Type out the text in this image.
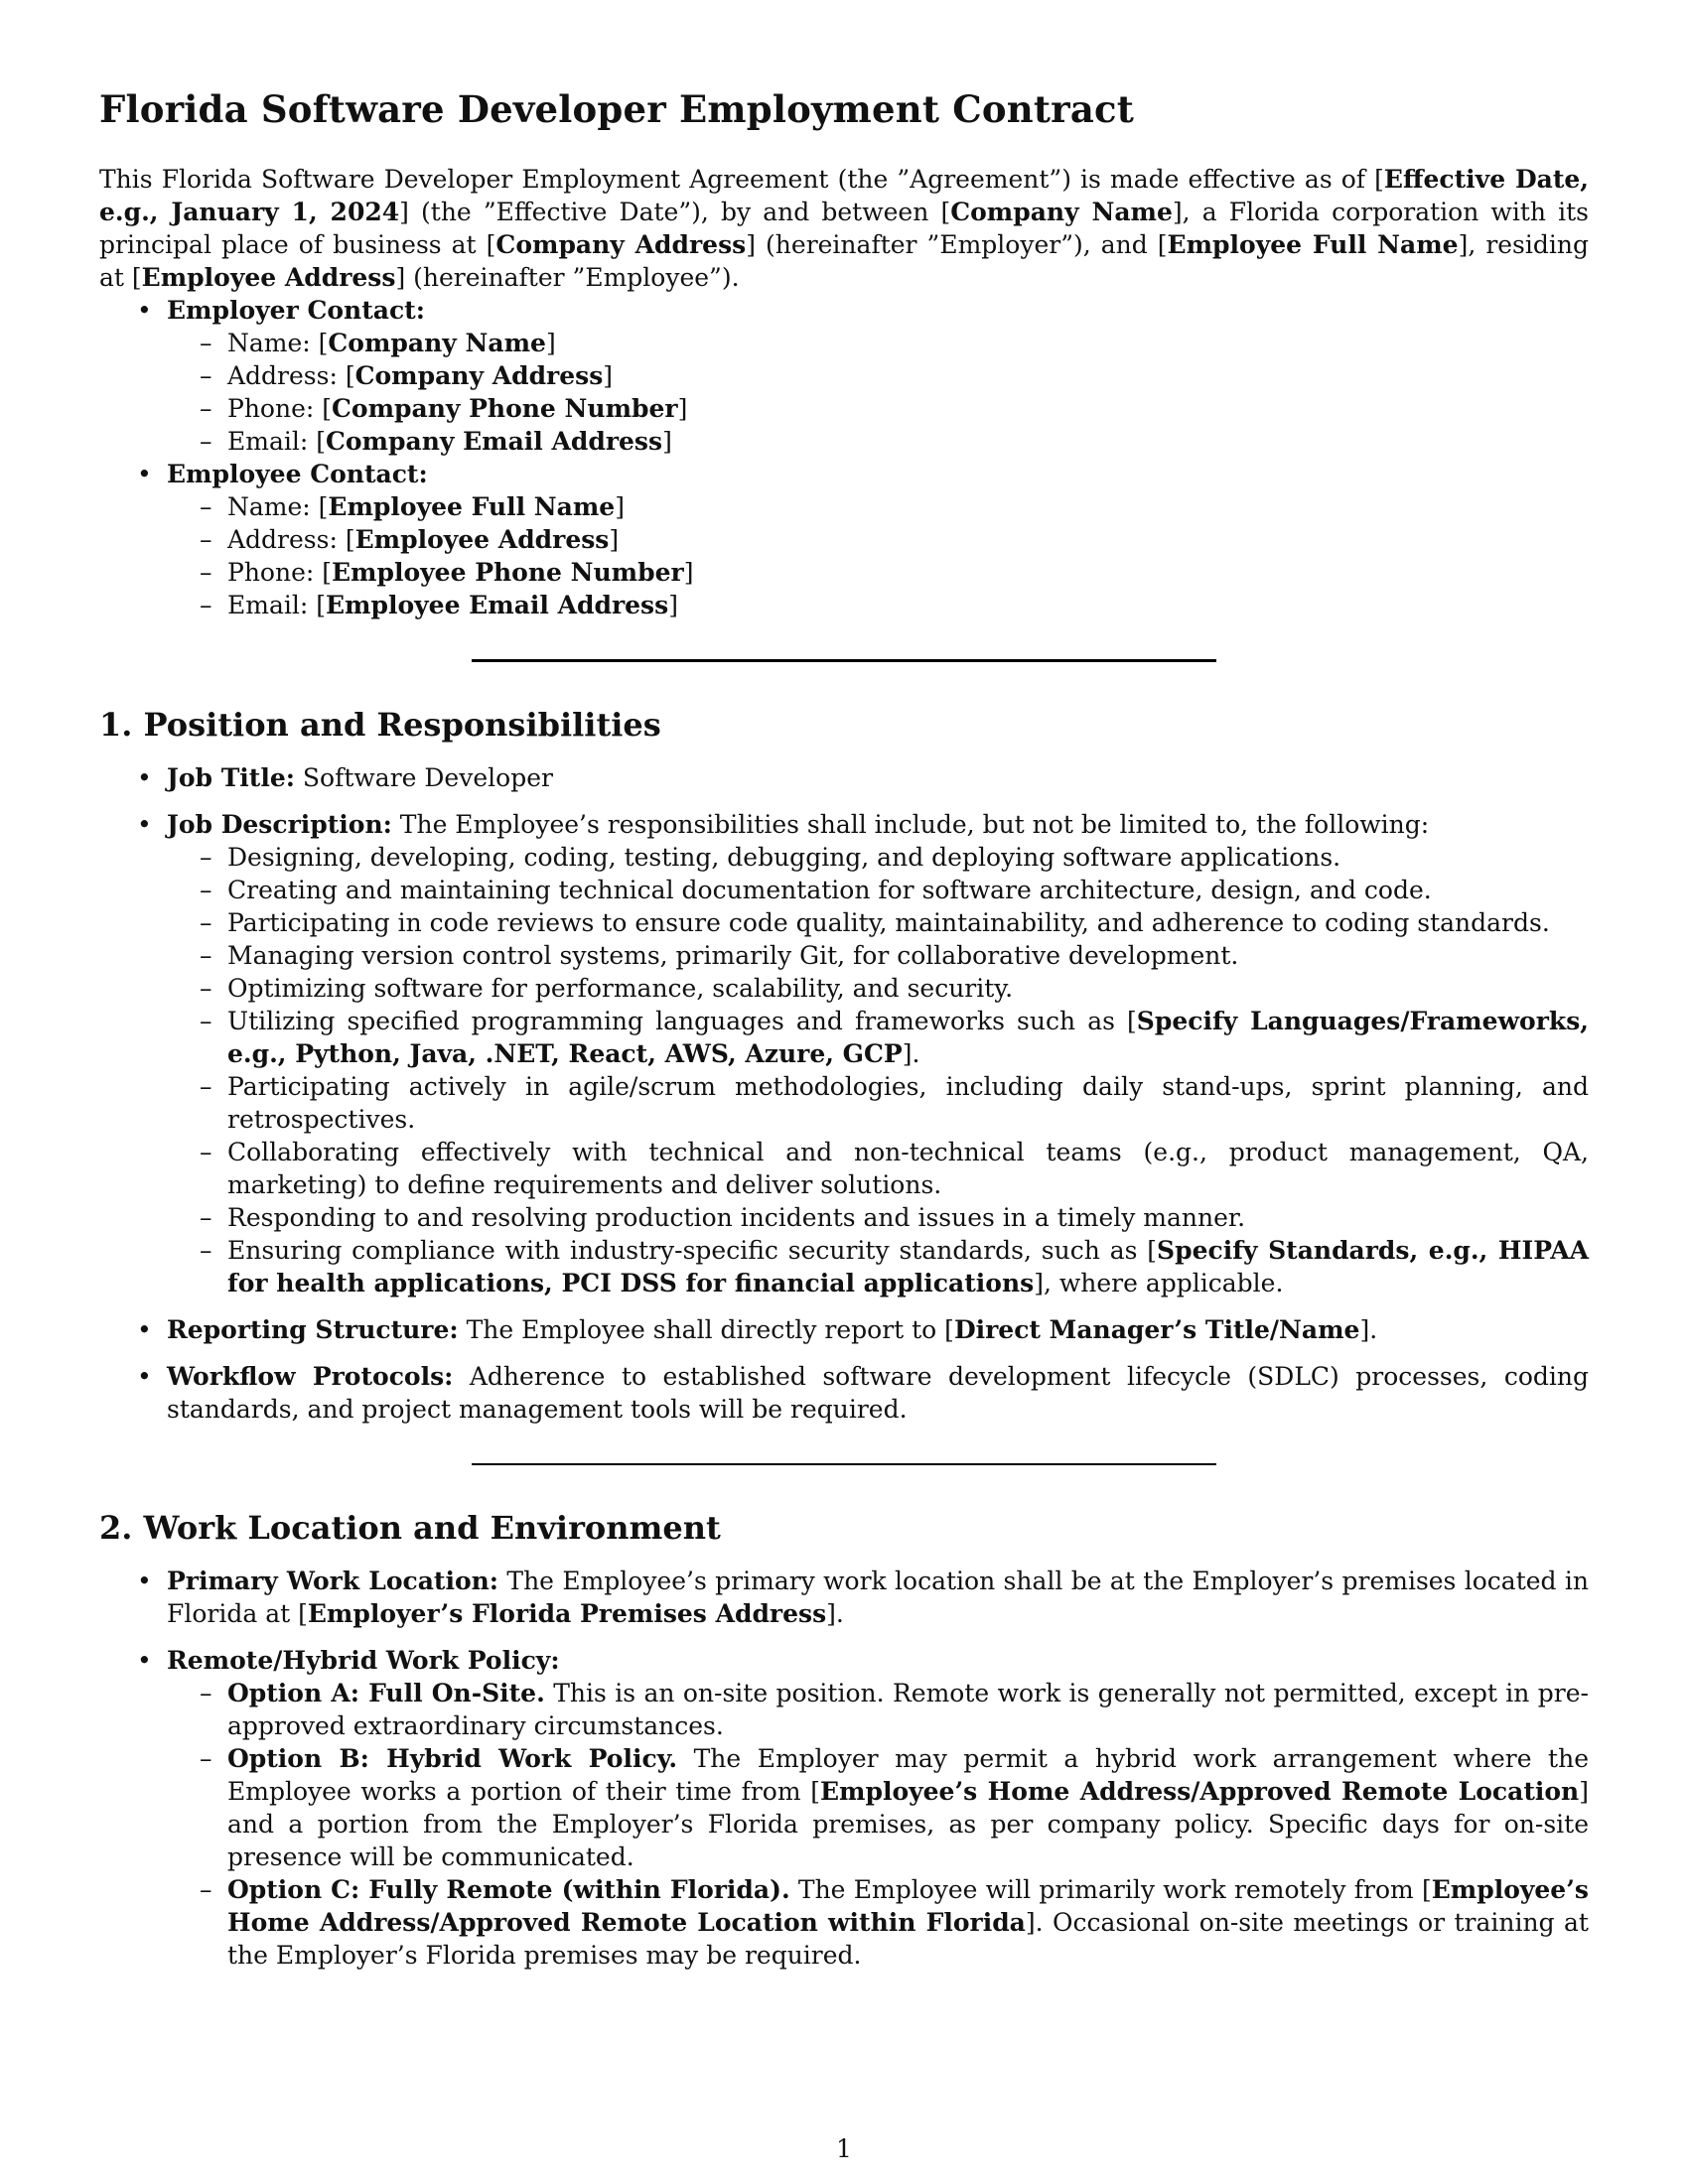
Florida Software Developer Employment Contract

This Florida Software Developer Employment Agreement (the ”Agreement”) is made effective as of [Effective Date, e.g., January 1, 2024] (the ”Effective Date”), by and between [Company Name], a Florida corporation with its principal place of business at [Company Address] (hereinafter ”Employer”), and [Employee Full Name], residing at [Employee Address] (hereinafter ”Employee”).

• Employer Contact:
– Name: [Company Name]
– Address: [Company Address]
– Phone: [Company Phone Number]
– Email: [Company Email Address]
• Employee Contact:
– Name: [Employee Full Name]
– Address: [Employee Address]
– Phone: [Employee Phone Number]
– Email: [Employee Email Address]
1. Position and Responsibilities
• Job Title: Software Developer
• Job Description: The Employee’s responsibilities shall include, but not be limited to, the following:
– Designing, developing, coding, testing, debugging, and deploying software applications.
– Creating and maintaining technical documentation for software architecture, design, and code.
– Participating in code reviews to ensure code quality, maintainability, and adherence to coding standards.
– Managing version control systems, primarily Git, for collaborative development.
– Optimizing software for performance, scalability, and security.
– Utilizing specified programming languages and frameworks such as [Specify Languages/Frameworks, e.g., Python, Java, .NET, React, AWS, Azure, GCP].
– Participating actively in agile/scrum methodologies, including daily stand-ups, sprint planning, and retrospectives.
– Collaborating effectively with technical and non-technical teams (e.g., product management, QA, marketing) to define requirements and deliver solutions.
– Responding to and resolving production incidents and issues in a timely manner.
– Ensuring compliance with industry-specific security standards, such as [Specify Standards, e.g., HIPAA for health applications, PCI DSS for financial applications], where applicable.
• Reporting Structure: The Employee shall directly report to [Direct Manager’s Title/Name].
• Workflow Protocols: Adherence to established software development lifecycle (SDLC) processes, coding standards, and project management tools will be required.
2. Work Location and Environment
• Primary Work Location: The Employee’s primary work location shall be at the Employer’s premises located in Florida at [Employer’s Florida Premises Address].
• Remote/Hybrid Work Policy:
– Option A: Full On-Site. This is an on-site position. Remote work is generally not permitted, except in pre-approved extraordinary circumstances.
– Option B: Hybrid Work Policy. The Employer may permit a hybrid work arrangement where the Employee works a portion of their time from [Employee’s Home Address/Approved Remote Location] and a portion from the Employer’s Florida premises, as per company policy. Specific days for on-site presence will be communicated.
– Option C: Fully Remote (within Florida). The Employee will primarily work remotely from [Employee’s Home Address/Approved Remote Location within Florida]. Occasional on-site meetings or training at the Employer’s Florida premises may be required.
1
